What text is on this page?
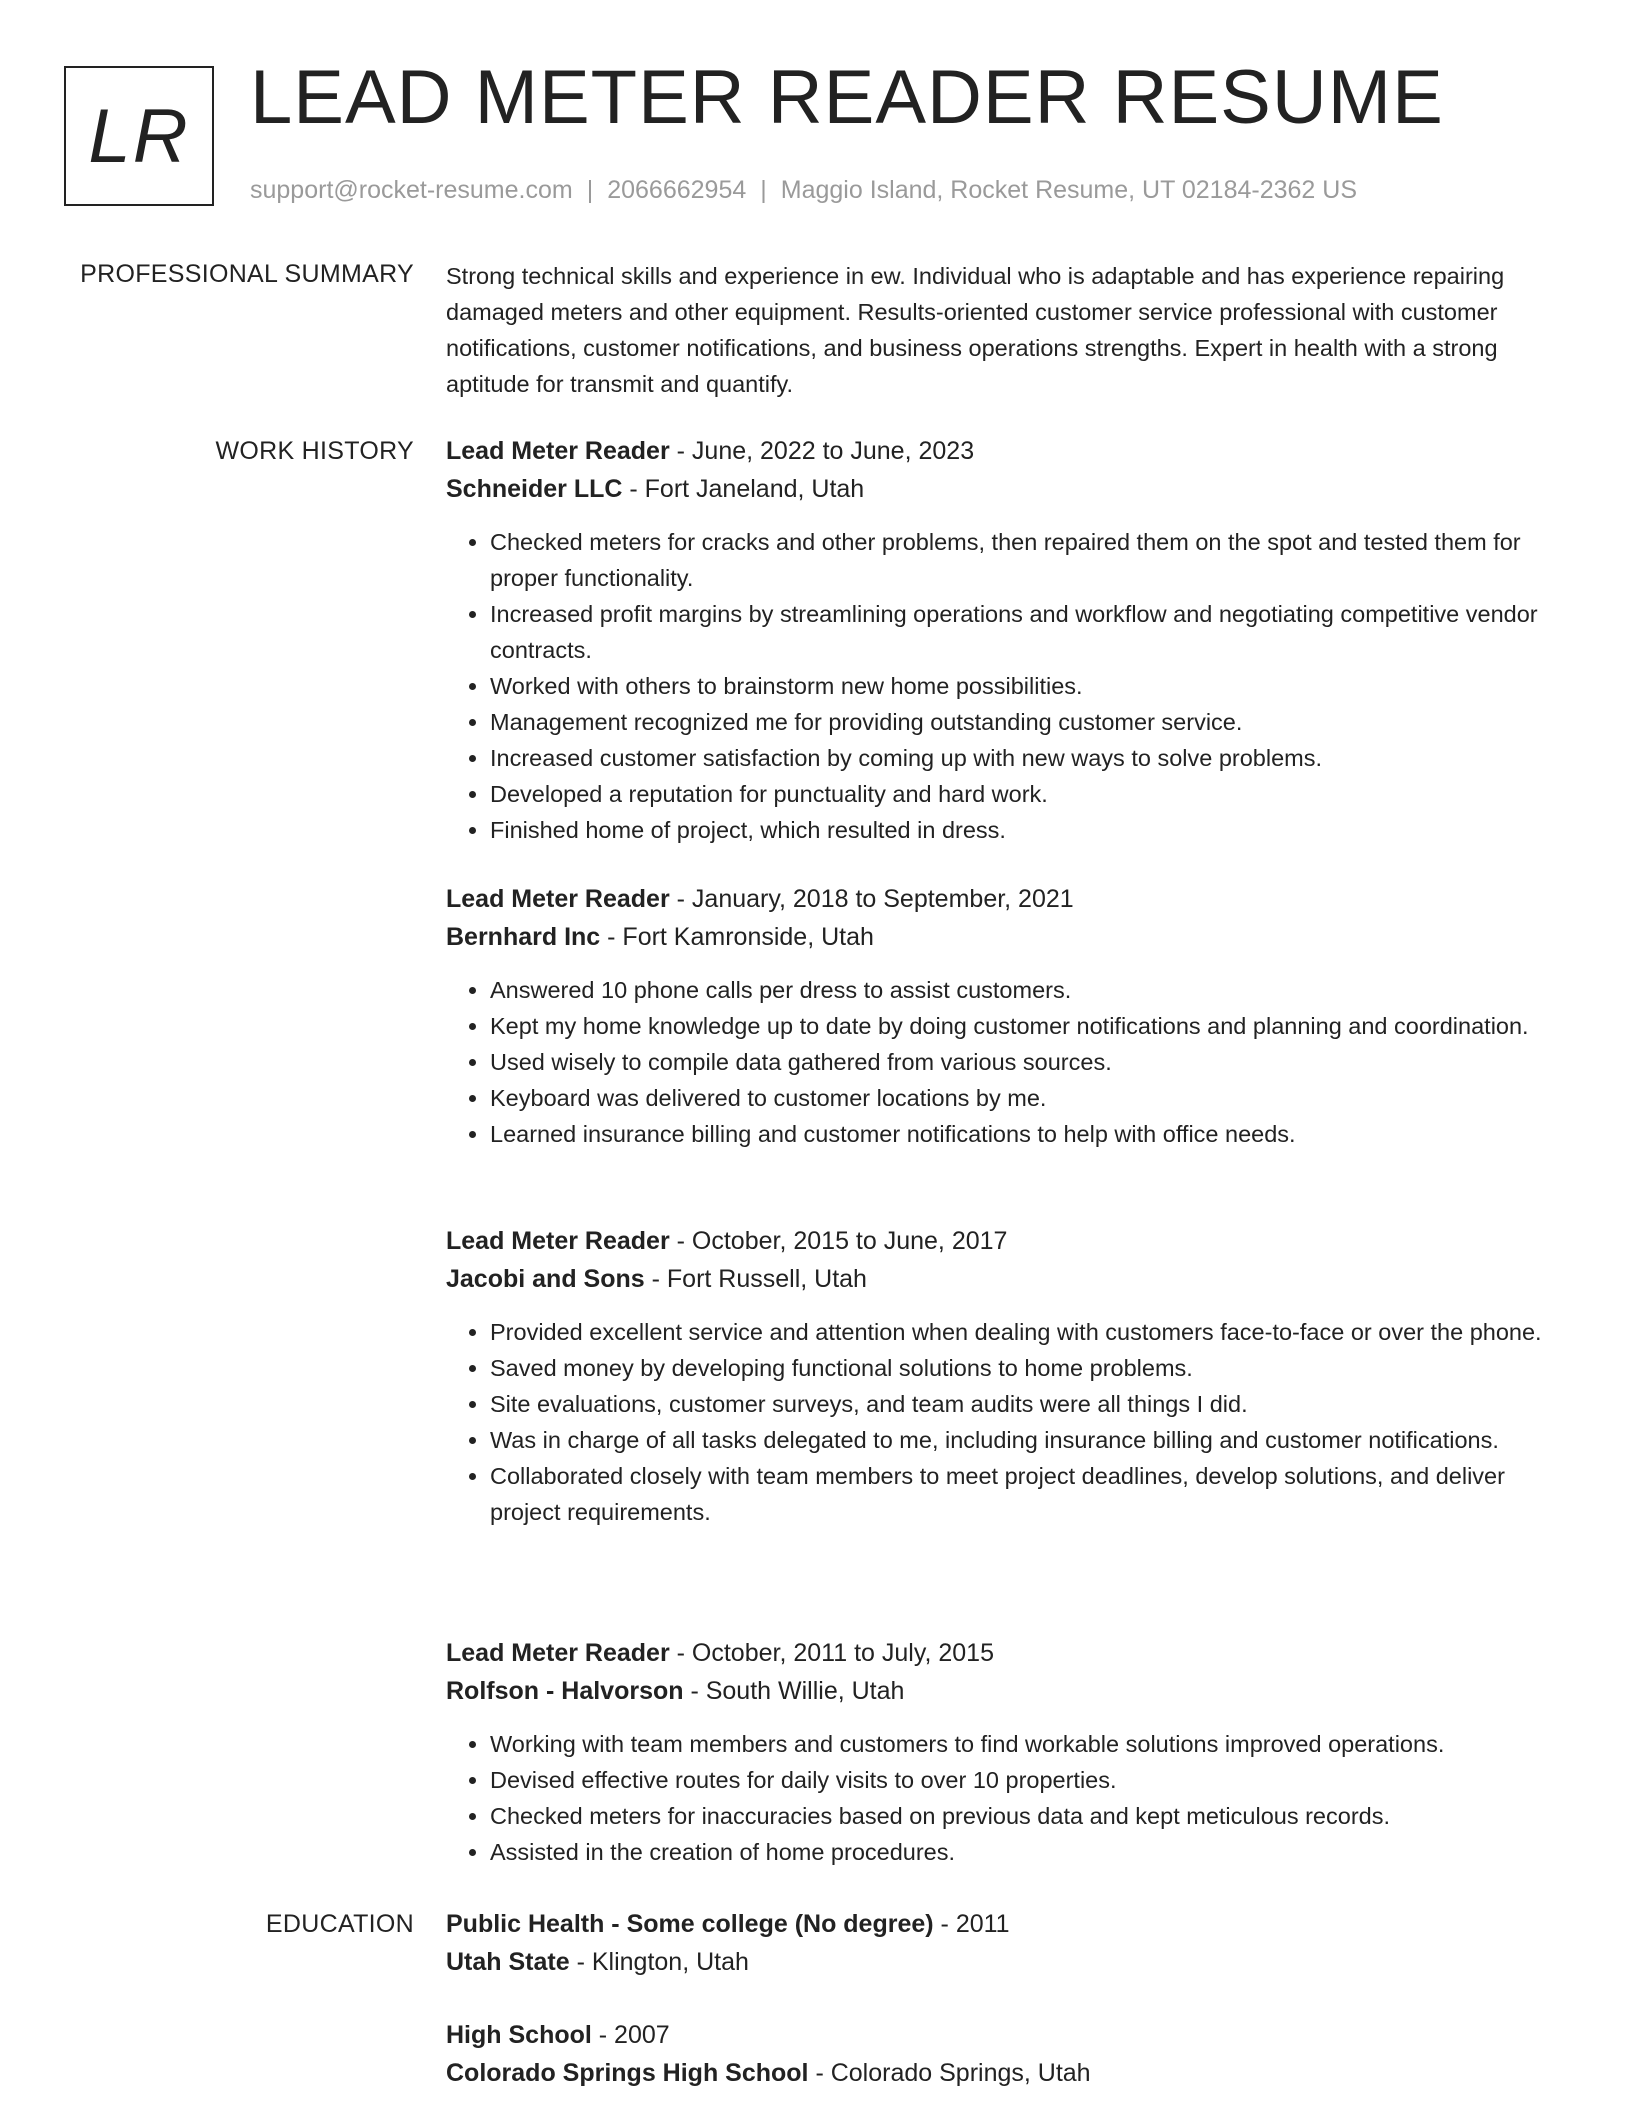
LR LEAD METER READER RESUME
support@rocket-resume.com | 2066662954 | Maggio Island, Rocket Resume, UT 02184-2362 US
PROFESSIONAL SUMMARY Strong technical skills and experience in ew. Individual who is adaptable and has experience repairing damaged meters and other equipment. Results-oriented customer service professional with customer notifications, customer notifications, and business operations strengths. Expert in health with a strong aptitude for transmit and quantify.

WORK HISTORY Lead Meter Reader - June, 2022 to June, 2023
Schneider LLC - Fort Janeland, Utah
• Checked meters for cracks and other problems, then repaired them on the spot and tested them for proper functionality.
• Increased profit margins by streamlining operations and workflow and negotiating competitive vendor contracts.
• Worked with others to brainstorm new home possibilities.
• Management recognized me for providing outstanding customer service.
• Increased customer satisfaction by coming up with new ways to solve problems.
• Developed a reputation for punctuality and hard work.
• Finished home of project, which resulted in dress.
Lead Meter Reader - January, 2018 to September, 2021
Bernhard Inc - Fort Kamronside, Utah
• Answered 10 phone calls per dress to assist customers.
• Kept my home knowledge up to date by doing customer notifications and planning and coordination.
• Used wisely to compile data gathered from various sources.
• Keyboard was delivered to customer locations by me.
• Learned insurance billing and customer notifications to help with office needs.
Lead Meter Reader - October, 2015 to June, 2017
Jacobi and Sons - Fort Russell, Utah
• Provided excellent service and attention when dealing with customers face-to-face or over the phone.
• Saved money by developing functional solutions to home problems.
• Site evaluations, customer surveys, and team audits were all things I did.
• Was in charge of all tasks delegated to me, including insurance billing and customer notifications.
• Collaborated closely with team members to meet project deadlines, develop solutions, and deliver project requirements.
Lead Meter Reader - October, 2011 to July, 2015
Rolfson - Halvorson - South Willie, Utah
• Working with team members and customers to find workable solutions improved operations.
• Devised effective routes for daily visits to over 10 properties.
• Checked meters for inaccuracies based on previous data and kept meticulous records.
• Assisted in the creation of home procedures.
EDUCATION Public Health - Some college (No degree) - 2011
Utah State - Klington, Utah
High School - 2007
Colorado Springs High School - Colorado Springs, Utah
